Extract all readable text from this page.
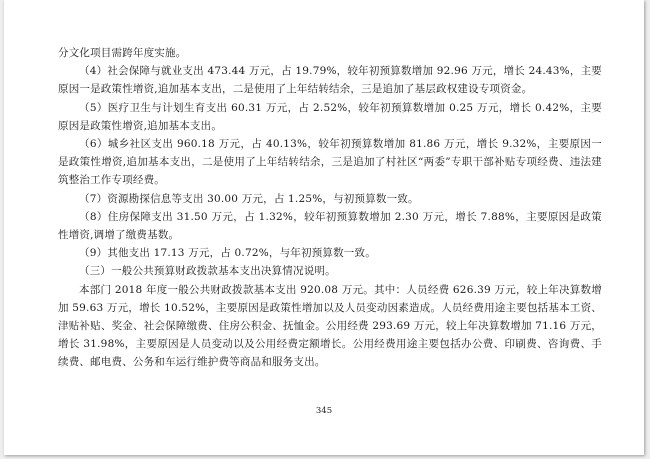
分文化项目需跨年度实施。

（4）社会保障与就业支出 473.44 万元，占 19.79%，较年初预算数增加 92.96 万元，增长 24.43%，主要原因一是政策性增资,追加基本支出，二是使用了上年结转结余，三是追加了基层政权建设专项资金。

（5）医疗卫生与计划生育支出 60.31 万元，占 2.52%，较年初预算数增加 0.25 万元，增长 0.42%，主要原因是政策性增资,追加基本支出。

（6）城乡社区支出 960.18 万元，占 40.13%，较年初预算数增加 81.86 万元，增长 9.32%，主要原因一是政策性增资,追加基本支出，二是使用了上年结转结余，三是追加了村社区“两委”专职干部补贴专项经费、违法建筑整治工作专项经费。

（7）资源勘探信息等支出 30.00 万元，占 1.25%，与初预算数一致。

（8）住房保障支出 31.50 万元，占 1.32%，较年初预算数增加 2.30 万元，增长 7.88%，主要原因是政策性增资,调增了缴费基数。

（9）其他支出 17.13 万元，占 0.72%，与年初预算数一致。

（三）一般公共预算财政拨款基本支出决算情况说明。

本部门 2018 年度一般公共财政拨款基本支出 920.08 万元。其中：人员经费 626.39 万元，较上年决算数增加 59.63 万元，增长 10.52%，主要原因是政策性增加以及人员变动因素造成。人员经费用途主要包括基本工资、津贴补贴、奖金、社会保障缴费、住房公积金、抚恤金。公用经费 293.69 万元，较上年决算数增加 71.16 万元，增长 31.98%，主要原因是人员变动以及公用经费定额增长。公用经费用途主要包括办公费、印刷费、咨询费、手续费、邮电费、公务和车运行维护费等商品和服务支出。

345
